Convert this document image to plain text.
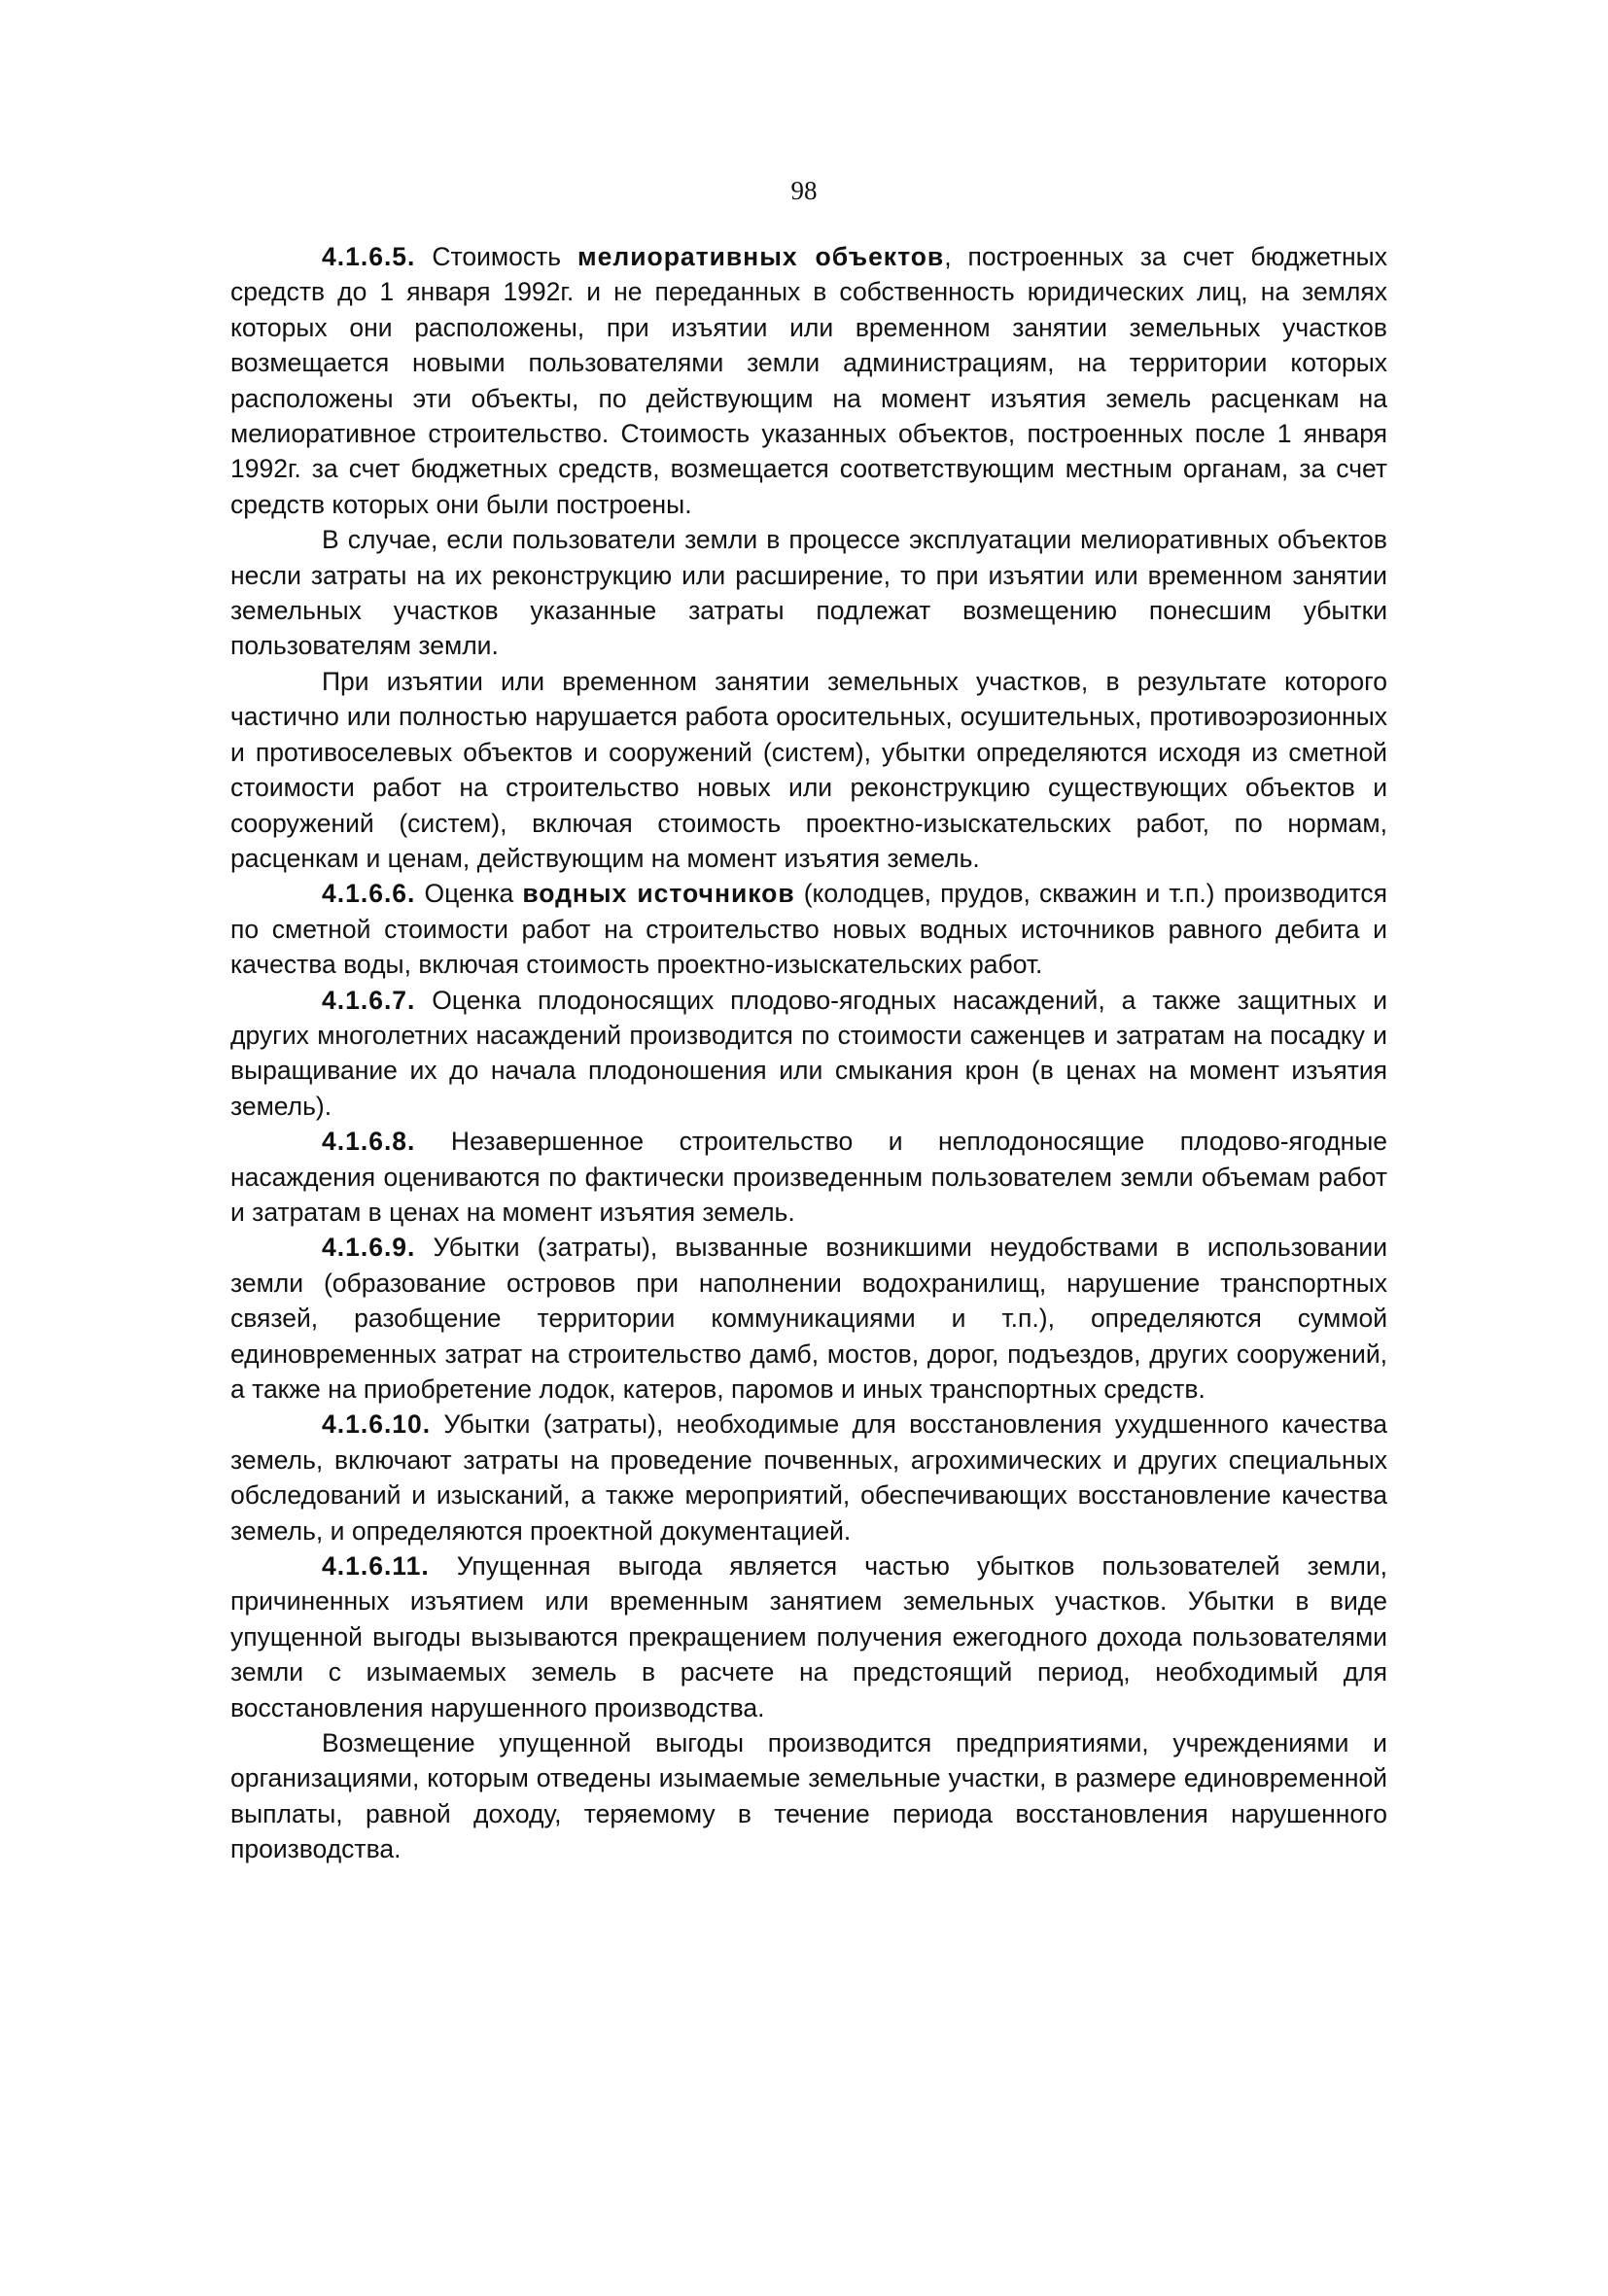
98

4.1.6.5. Стоимость мелиоративных объектов, построенных за счет бюджетных средств до 1 января 1992г. и не переданных в собственность юридических лиц, на землях которых они расположены, при изъятии или временном занятии земельных участков возмещается новыми пользователями земли администрациям, на территории которых расположены эти объекты, по действующим на момент изъятия земель расценкам на мелиоративное строительство. Стоимость указанных объектов, построенных после 1 января 1992г. за счет бюджетных средств, возмещается соответствующим местным органам, за счет средств которых они были построены.

В случае, если пользователи земли в процессе эксплуатации мелиоративных объектов несли затраты на их реконструкцию или расширение, то при изъятии или временном занятии земельных участков указанные затраты подлежат возмещению понесшим убытки пользователям земли.

При изъятии или временном занятии земельных участков, в результате которого частично или полностью нарушается работа оросительных, осушительных, противоэрозионных и противоселевых объектов и сооружений (систем), убытки определяются исходя из сметной стоимости работ на строительство новых или реконструкцию существующих объектов и сооружений (систем), включая стоимость проектно-изыскательских работ, по нормам, расценкам и ценам, действующим на момент изъятия земель.

4.1.6.6. Оценка водных источников (колодцев, прудов, скважин и т.п.) производится по сметной стоимости работ на строительство новых водных источников равного дебита и качества воды, включая стоимость проектно-изыскательских работ.

4.1.6.7. Оценка плодоносящих плодово-ягодных насаждений, а также защитных и других многолетних насаждений производится по стоимости саженцев и затратам на посадку и выращивание их до начала плодоношения или смыкания крон (в ценах на момент изъятия земель).

4.1.6.8. Незавершенное строительство и неплодоносящие плодово-ягодные насаждения оцениваются по фактически произведенным пользователем земли объемам работ и затратам в ценах на момент изъятия земель.

4.1.6.9. Убытки (затраты), вызванные возникшими неудобствами в использовании земли (образование островов при наполнении водохранилищ, нарушение транспортных связей, разобщение территории коммуникациями и т.п.), определяются суммой единовременных затрат на строительство дамб, мостов, дорог, подъездов, других сооружений, а также на приобретение лодок, катеров, паромов и иных транспортных средств.

4.1.6.10. Убытки (затраты), необходимые для восстановления ухудшенного качества земель, включают затраты на проведение почвенных, агрохимических и других специальных обследований и изысканий, а также мероприятий, обеспечивающих восстановление качества земель, и определяются проектной документацией.

4.1.6.11. Упущенная выгода является частью убытков пользователей земли, причиненных изъятием или временным занятием земельных участков. Убытки в виде упущенной выгоды вызываются прекращением получения ежегодного дохода пользователями земли с изымаемых земель в расчете на предстоящий период, необходимый для восстановления нарушенного производства.

Возмещение упущенной выгоды производится предприятиями, учреждениями и организациями, которым отведены изымаемые земельные участки, в размере единовременной выплаты, равной доходу, теряемому в течение периода восстановления нарушенного производства.
